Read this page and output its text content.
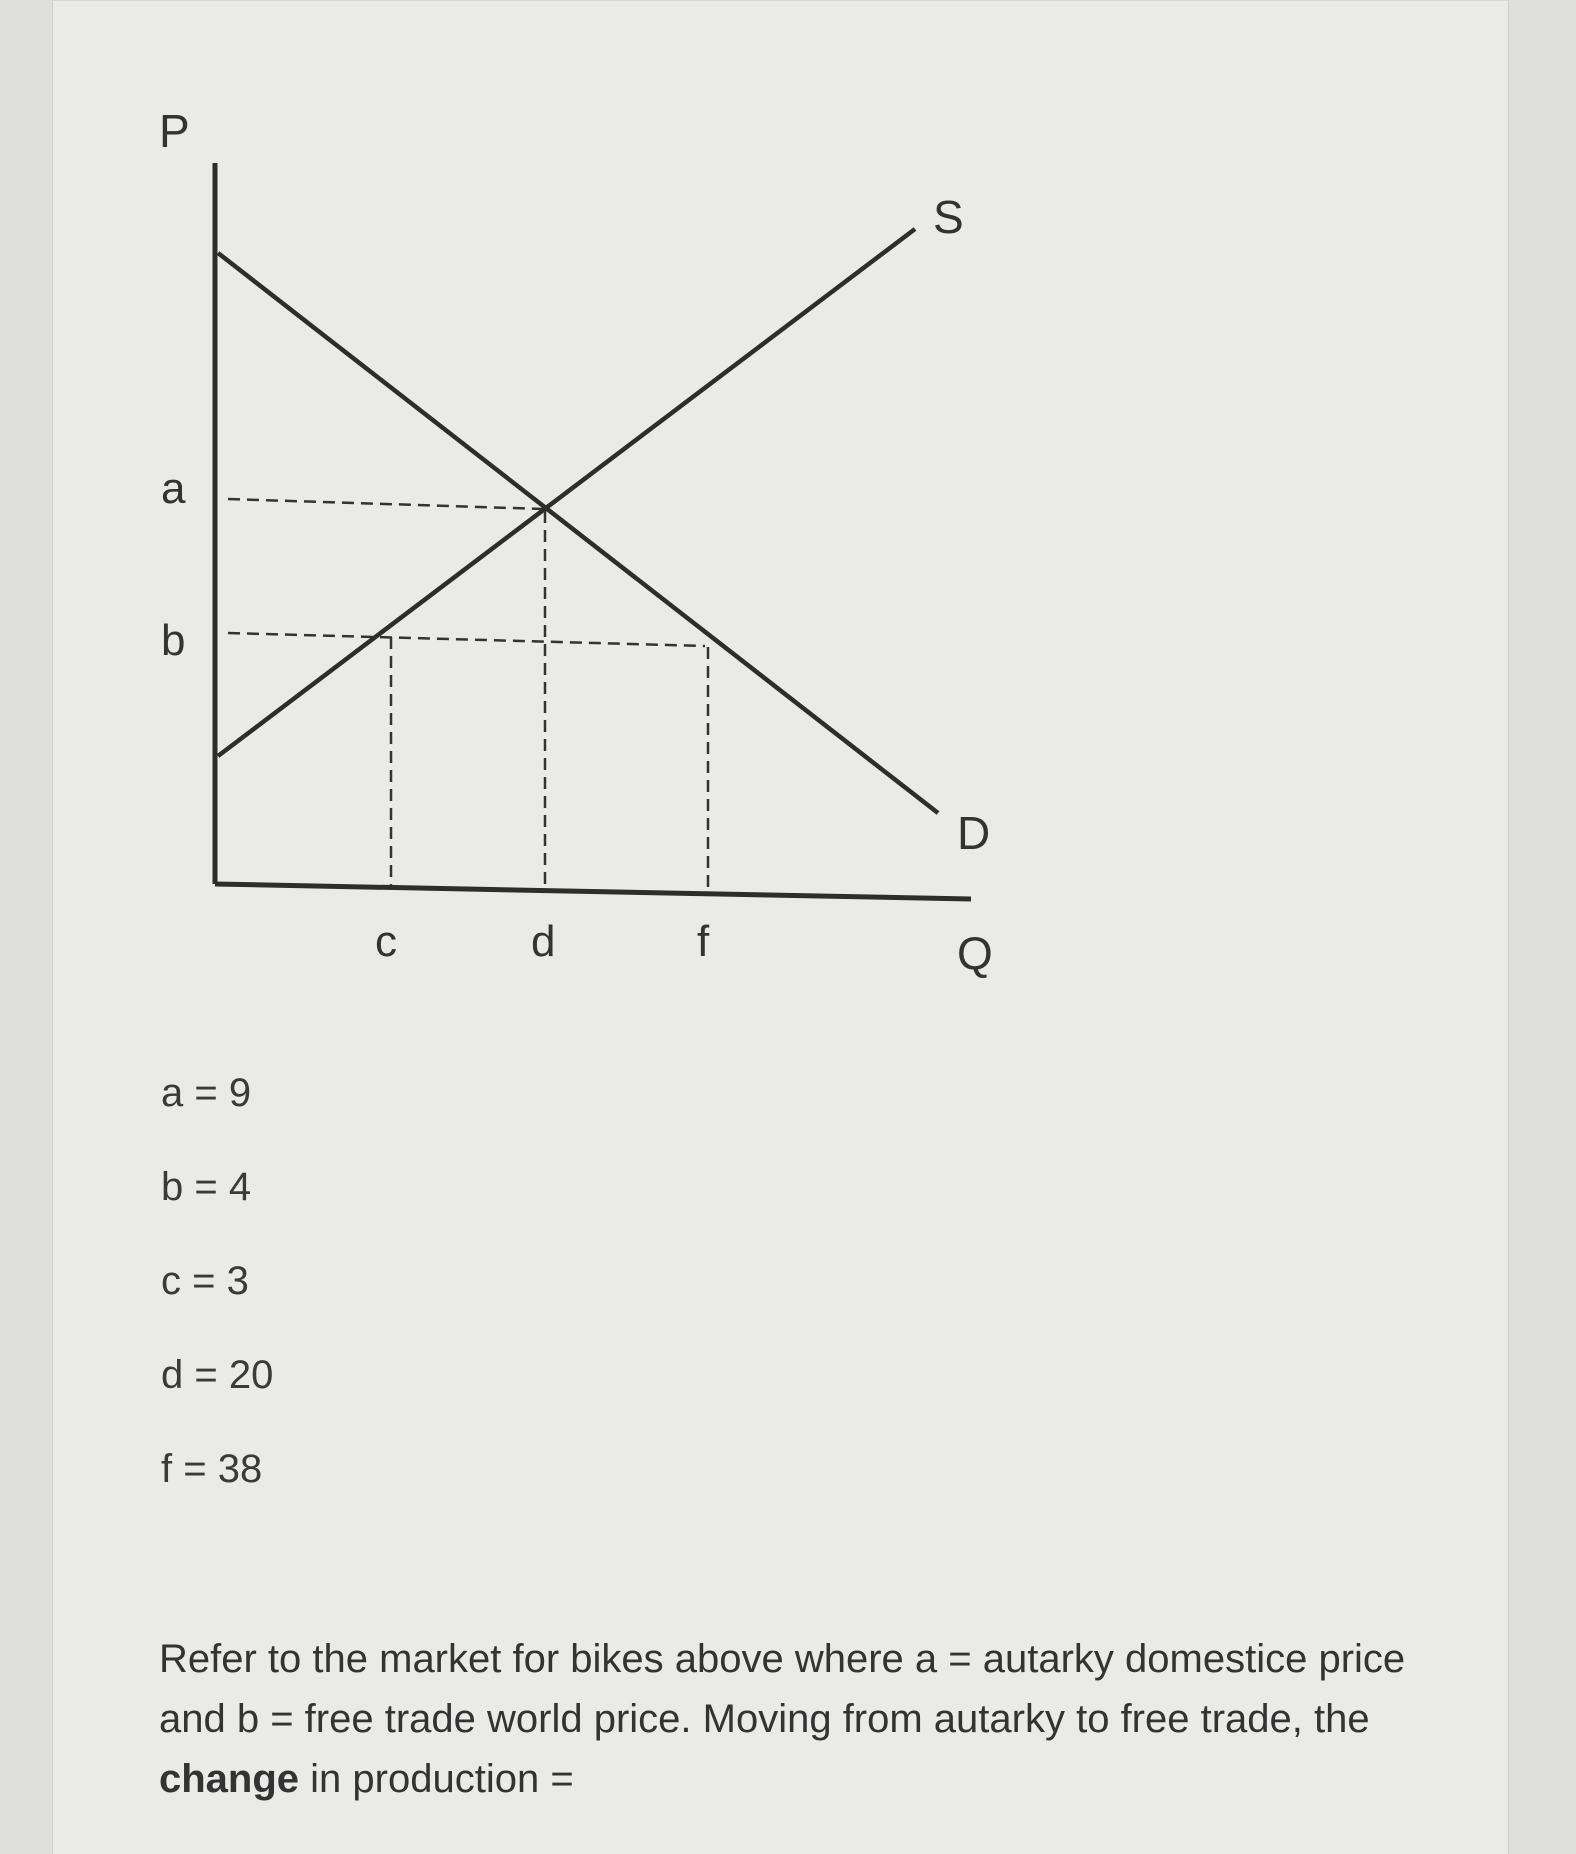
P
Q
S
D
a
b
c	d	f
a = 9
b = 4
c = 3
d = 20
f = 38

Refer to the market for bikes above where a = autarky domestice price and b = free trade world price. Moving from autarky to free trade, the change in production =
